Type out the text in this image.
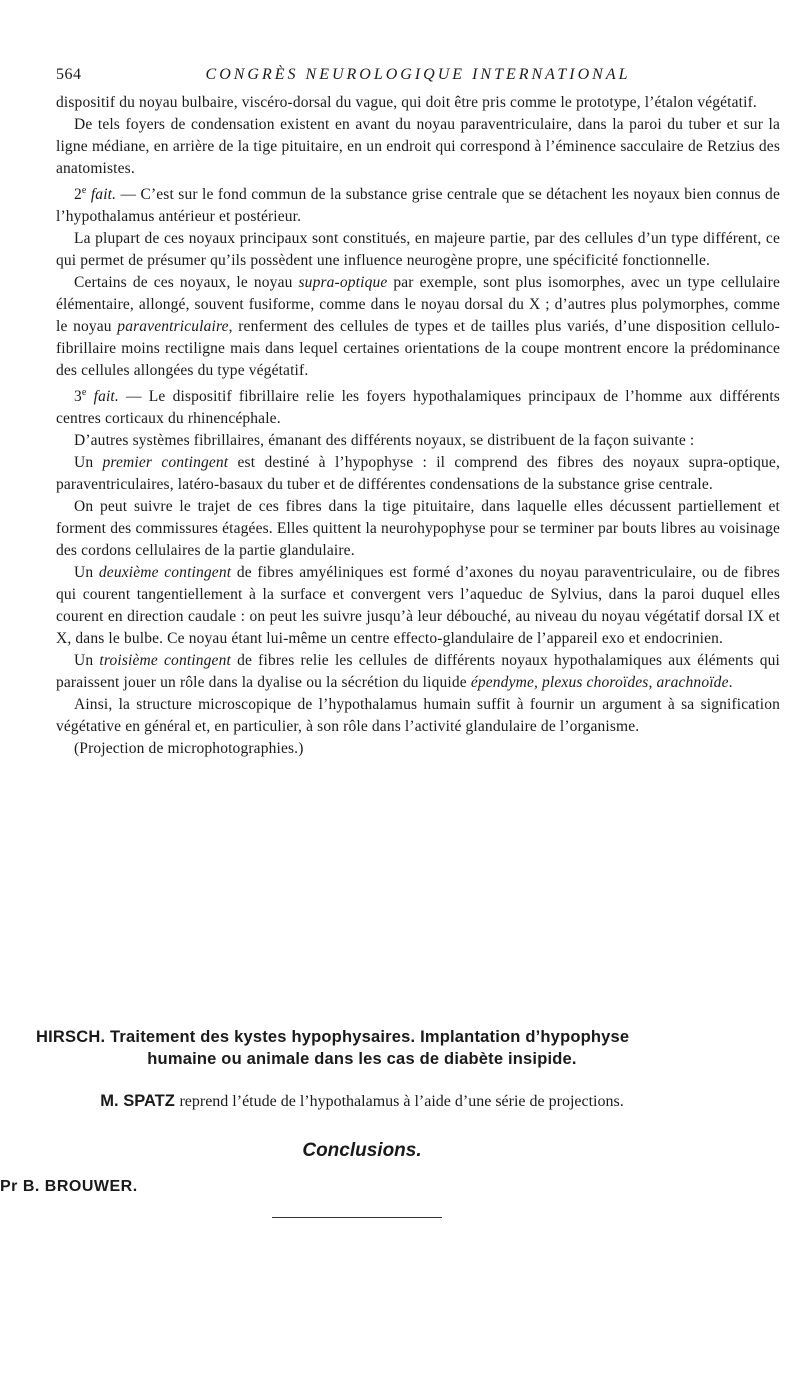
564	CONGRÈS NEUROLOGIQUE INTERNATIONAL

dispositif du noyau bulbaire, viscéro-dorsal du vague, qui doit être pris comme le prototype, l’étalon végétatif.

De tels foyers de condensation existent en avant du noyau paraventriculaire, dans la paroi du tuber et sur la ligne médiane, en arrière de la tige pituitaire, en un endroit qui correspond à l’éminence sacculaire de Retzius des anatomistes.

2e fait. — C’est sur le fond commun de la substance grise centrale que se détachent les noyaux bien connus de l’hypothalamus antérieur et postérieur.

La plupart de ces noyaux principaux sont constitués, en majeure partie, par des cellules d’un type différent, ce qui permet de présumer qu’ils possèdent une influence neurogène propre, une spécificité fonctionnelle.

Certains de ces noyaux, le noyau supra-optique par exemple, sont plus isomorphes, avec un type cellulaire élémentaire, allongé, souvent fusiforme, comme dans le noyau dorsal du X ; d’autres plus polymorphes, comme le noyau paraventriculaire, renferment des cellules de types et de tailles plus variés, d’une disposition cellulo-fibrillaire moins rectiligne mais dans lequel certaines orientations de la coupe montrent encore la prédominance des cellules allongées du type végétatif.

3e fait. — Le dispositif fibrillaire relie les foyers hypothalamiques principaux de l’homme aux différents centres corticaux du rhinencéphale.

D’autres systèmes fibrillaires, émanant des différents noyaux, se distribuent de la façon suivante :

Un premier contingent est destiné à l’hypophyse : il comprend des fibres des noyaux supra-optique, paraventriculaires, latéro-basaux du tuber et de différentes condensations de la substance grise centrale.

On peut suivre le trajet de ces fibres dans la tige pituitaire, dans laquelle elles décussent partiellement et forment des commissures étagées. Elles quittent la neurohypophyse pour se terminer par bouts libres au voisinage des cordons cellulaires de la partie glandulaire.

Un deuxième contingent de fibres amyéliniques est formé d’axones du noyau paraventriculaire, ou de fibres qui courent tangentiellement à la surface et convergent vers l’aqueduc de Sylvius, dans la paroi duquel elles courent en direction caudale : on peut les suivre jusqu’à leur débouché, au niveau du noyau végétatif dorsal IX et X, dans le bulbe. Ce noyau étant lui-même un centre effecto-glandulaire de l’appareil exo et endocrinien.

Un troisième contingent de fibres relie les cellules de différents noyaux hypothalamiques aux éléments qui paraissent jouer un rôle dans la dyalise ou la sécrétion du liquide épendyme, plexus choroïdes, arachnoïde.

Ainsi, la structure microscopique de l’hypothalamus humain suffit à fournir un argument à sa signification végétative en général et, en particulier, à son rôle dans l’activité glandulaire de l’organisme.

(Projection de microphotographies.)

HIRSCH. Traitement des kystes hypophysaires. Implantation d’hypophyse
humaine ou animale dans les cas de diabète insipide.
M. SPATZ reprend l’étude de l’hypothalamus à l’aide d’une série de projections.
Conclusions.
Pr B. BROUWER.
